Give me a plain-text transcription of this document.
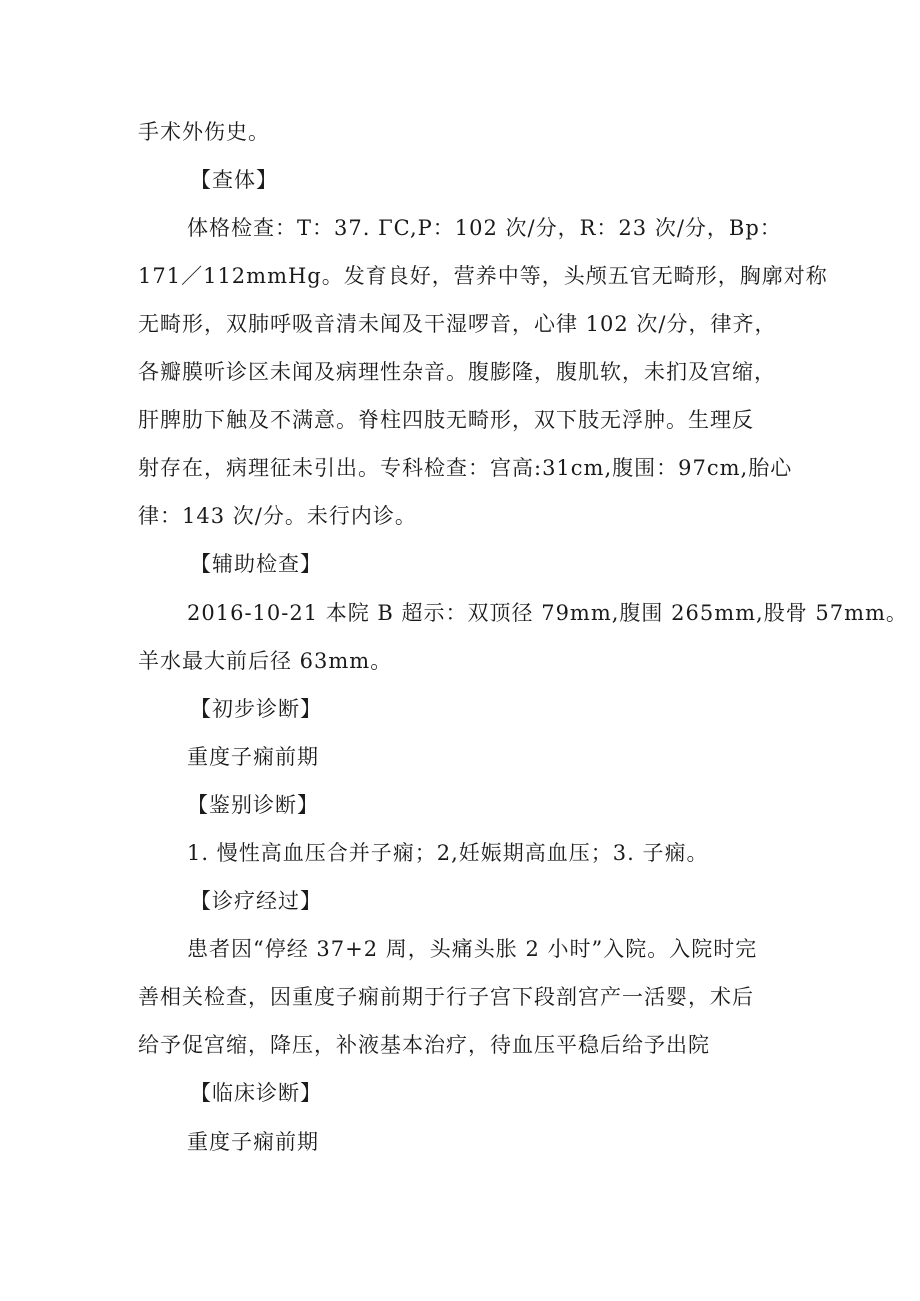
手术外伤史。
【查体】
体格检查：T：37. ΓC,P：102 次/分，R：23 次/分，Bp：
171／112mmHg。发育良好，营养中等，头颅五官无畸形，胸廓对称
无畸形，双肺呼吸音清未闻及干湿啰音，心律 102 次/分，律齐，
各瓣膜听诊区未闻及病理性杂音。腹膨隆，腹肌软，未扪及宫缩，
肝脾肋下触及不满意。脊柱四肢无畸形，双下肢无浮肿。生理反
射存在，病理征未引出。专科检查：宫高:31cm,腹围：97cm,胎心
律：143 次/分。未行内诊。
【辅助检查】
2016-10-21 本院 B 超示：双顶径 79mm,腹围 265mm,股骨 57mm。
羊水最大前后径 63mm。
【初步诊断】
重度子痫前期
【鉴别诊断】
1. 慢性高血压合并子痫；2,妊娠期高血压；3. 子痫。
【诊疗经过】
患者因“停经 37+2 周，头痛头胀 2 小时”入院。入院时完
善相关检查，因重度子痫前期于行子宫下段剖宫产一活婴，术后
给予促宫缩，降压，补液基本治疗，待血压平稳后给予出院
【临床诊断】
重度子痫前期
